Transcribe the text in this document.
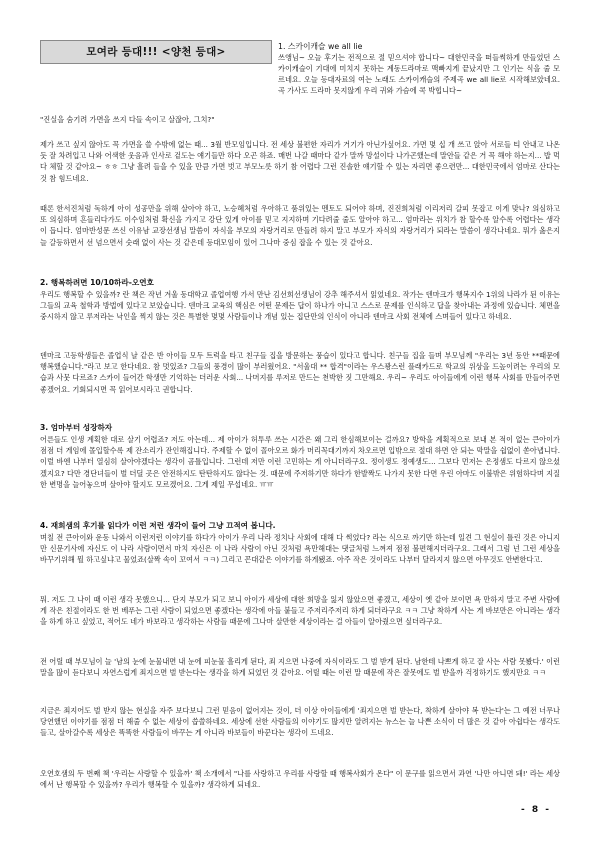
모여라 등대!!! <양천 등대>	1. 스카이캐슬 we all lie
쓰앵님~ 오늘 후기는 전적으로 절 믿으셔야 합니다~ 대한민국을 떠들썩하게 만들었던 스카이캐슬이 기대에 미치지 못하는 계동드라마로 맥빠지게 끝났지만 그 인기는 식을 줄 모르네요. 오늘 등대자료의 여는 노래도 스카이캐슬의 주제곡 we all lie로 시작해보았네요. 곡 가사도 드라마 못지않게 우리 귀와 가슴에 콕 박힙니다~

"진실을 숨기려 가면을 쓰지 다들 속이고 살잖아, 그치?"

제가 쓰고 싶지 않아도 꼭 가면을 쓸 수밖에 없는 때... 3월 반모임입니다. 전 세상 불편한 자리가 거기가 아닌가싶어요. 가면 몇 십 개 쓰고 앉아 서로들 티 안내고 나온 듯 잘 차려입고 나와 어색한 웃음과 인사로 겉도는 얘기들만 하다 오곤 하죠. 매번 나갈 때마다 같가 말까 망설이다 나가곤했는데 말안들 같은 거 꼭 해야 하는지... 밥 먹다 체할 것 같아요~ ㅎㅎ 그냥 흘려 들을 수 있을 만큼 가면 벗고 부모노릇 하기 참 어렵다 그런 진솔한 얘기할 수 있는 자리면 좋으련만... 대한민국에서 엄마로 산다는 것 참 힘드네요.

때론 한서진처럼 독하게 아이 성공만을 위해 살아야 하고, 노승혜처럼 우아하고 품위있는 멘토도 되어야 하며, 진진희처럼 이리저리 갈피 못잡고 이게 맞나? 의심하고 또 의심하며 흔들리다가도 이수임처럼 확신을 가지고 강단 있게 아이를 믿고 지지하며 기다려줄 줄도 알아야 하고... 엄마라는 위치가 참 할수록 알수록 어렵다는 생각이 듭니다. 엄마반성문 쓰신 이유남 교장선생님 말씀이 자식을 부모의 자랑거리로 만들려 하지 말고 부모가 자식의 자랑거리가 되라는 말씀이 생각나네요. 뭐가 옳은지 늘 갈등하면서 선 넘으면서 숫래 없이 사는 것 같은데 등대모임이 있어 그나마 중심 잡을 수 있는 것 같아요.

2. 행복하려면 10/10하라-오연호

우리도 행복할 수 있을까? 란 책은 작년 겨울 동대학교 졸업여행 가서 만난 김선희선생님이 강추 해주셔서 읽었네요. 작가는 덴마크가 행복지수 1위의 나라가 된 이유는 그들의 교육 철학과 방법에 있다고 보았습니다. 덴마크 교육의 핵심은 어떤 문제든 답이 하나가 아니고 스스로 문제를 인식하고 답을 찾아내는 과정에 있습니다. 체면을 중시하지 않고 루저라는 낙인을 찍지 않는 것은 특별한 몇몇 사람들이나 개념 있는 집단만의 인식이 아니라 덴마크 사회 전체에 스며들어 있다고 하네요.

덴마크 고등학생들은 졸업식 날 같은 반 아이들 모두 트럭을 타고 친구들 집을 방문하는 풍습이 있다고 합니다. 친구들 집을 들며 부모님께 "우리는 3년 동안 **때문에 행복했습니다."라고 보고 한다네요. 참 멋있죠? 그들의 풍경이 많이 부러웠어요. "서울대 ** 합격"이라는 우스꽝스런 플래카드로 학교의 위상을 드높이려는 우리의 모습과 사뭇 다르죠? 스카이 들어간 학생만 기억하는 더러운 사회... 나머지를 루저로 만드는 천박한 짓 그만해요. 우리~ 우리도 아이들에게 이런 행복 사회를 만들어주면 좋겠어요. 기회되시면 꼭 읽어보시라고 권합니다.

3. 엄마부터 성장하자

어른들도 인생 계획한 대로 살기 어렵죠? 저도 아는데... 제 아이가 허투루 쓰는 시간은 왜 그리 한심해보이는 걸까요? 방학을 계획적으로 보내 본 적이 없는 큰아이가 점점 더 게임에 몰입할수록 제 잔소리가 잔인해집니다. 주제할 수 없이 꼴아오르 화가 머리꼭대기까지 차오르면 입밖으로 절대 하면 안 되는 막말을 쉽없이 쏟아냅니다. 이럴 바엔 나부터 열심히 살아야겠다는 생각이 곰틀입니다. 그런데 저만 이런 고민하는 게 아니더라구요. 정이생도 정예생도... 그보다 먼저는 은정샘도 다르지 않으셨겠지요? 다만 경단녀들이 벌 더딜 곳은 안전하지도 탄탄하지도 않다는 것. 때문에 주저하기만 하다가 한발짝도 나가지 못한 다면 우린 아마도 이불밖은 위험하다며 지질한 변명을 늘어놓으며 살아야 할지도 모르겠어요. 그게 제일 무섭네요. ㅠㅠ

4. 재희샘의 후기를 읽다가 이런 저런 생각이 들어 그냥 끄적여 봅니다.

며칠 전 큰아이와 운동 나와서 이런저런 이야기를 하다가 아이가 우리 나라 정치나 사회에 대해 다 썩었다? 라는 식으로 까기만 하는데 일견 그 현실이 틀린 것은 아니지만 신문기사에 자신도 이 나라 사람이면서 마치 자신은 이 나라 사람이 아닌 것처럼 욕만해대는 댓글처럼 느껴져 점점 불편해지더라구요. 그래서 그럼 넌 그런 세상을 바꾸기위해 뭘 하고싶냐고 물었죠(살짝 속이 꼬여서 ㅋㅋ) 그리고 꼰대같은 이야기를 하게됐죠. 아주 작은 것이라도 나부터 달라지지 않으면 아무것도 안변한다고.

뭐. 저도 그 나이 때 이런 생각 못했으니... 단지 부모가 되고 보니 아이가 세상에 대한 희망을 잃지 않았으면 좋겠고, 세상이 옛 같아 보이면 욕 만하지 말고 주변 사람에게 작은 친절이라도 한 번 베푸는 그런 사람이 되었으면 좋겠다는 생각에 아들 붙들고 주저리주저리 하게 되더라구요 ㅋㅋ 그냥 착하게 사는 게 바보만은 아니라는 생각을 하게 하고 싶었고, 적어도 네가 바보라고 생각하는 사람들 때문에 그나마 살만한 세상이라는 걸 아들이 알아줬으면 싶더라구요.

전 어릴 때 부모님이 늘 '남의 눈에 눈물내면 내 눈에 피눈물 흘리게 된다, 죄 지으면 나중에 자식이라도 그 벌 받게 된다. 남한테 나쁘게 하고 잘 사는 사람 못봤다.' 이런 말을 많이 듣다보니 자연스럽게 죄지으면 벌 받는다는 생각을 하게 되었던 것 같아요. 어릴 때는 이런 말 때문에 작은 잘못에도 벌 받을까 걱정하기도 했지만요 ㅋㅋ

지금은 죄지어도 벌 받지 않는 현실을 자주 보다보니 그런 믿음이 없어지는 것이, 더 이상 아이들에게 '죄지으면 벌 받는다, 착하게 살아야 복 받는다'는 그 예전 너무나 당연했던 이야기를 점점 더 해줄 수 없는 세상이 씁쓸하네요. 세상에 선한 사람들의 이야기도 많지만 알려지는 뉴스는 늘 나쁜 소식이 더 많은 것 같아 아쉽다는 생각도 들고, 살아갈수록 세상은 똑똑한 사람들이 바꾸는 게 아니라 바보들이 바꾼다는 생각이 드네요.

오연호샘의 두 번째 책 '우리는 사랑할 수 있을까' 책 소개에서 "나를 사랑하고 우리를 사랑할 때 행복사회가 온다" 이 문구를 읽으면서 과연 '나만 아니면 돼!' 라는 세상에서 난 행복할 수 있을까? 우리가 행복할 수 있을까? 생각하게 되네요.

- 8 -
